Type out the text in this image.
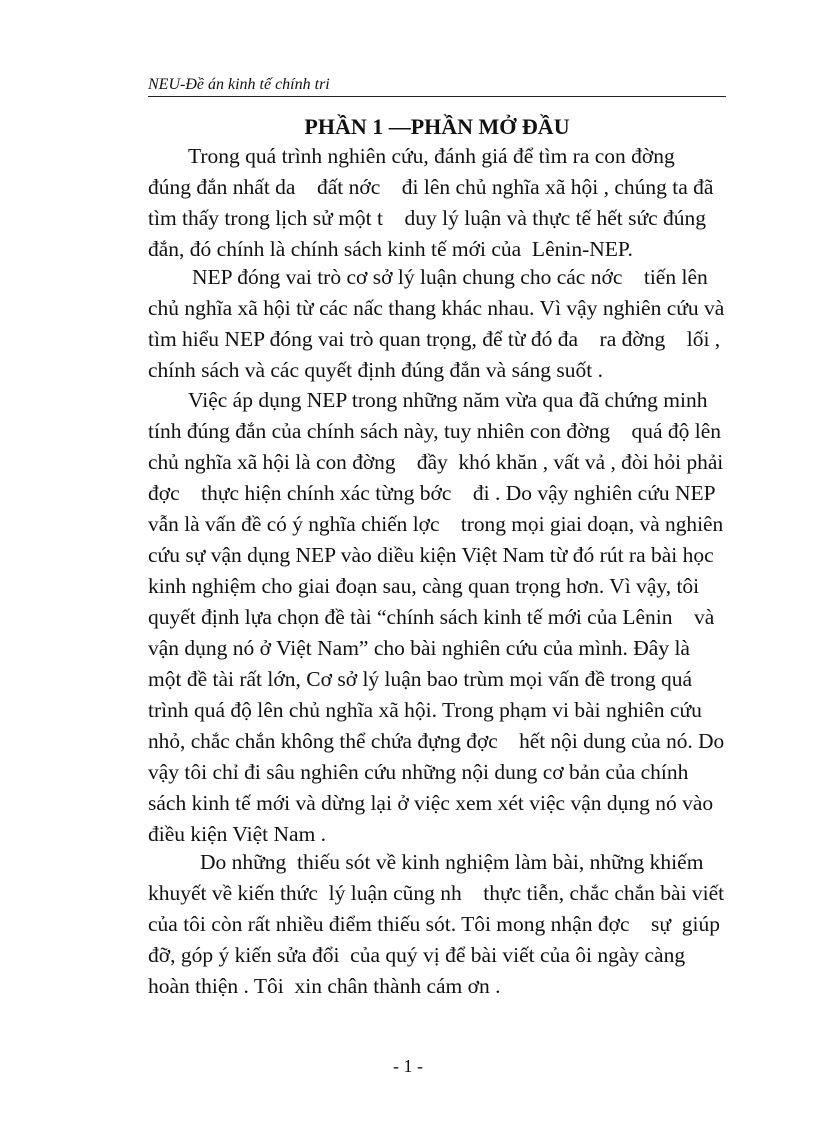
NEU-Đề án kinh tế chính tri
PHẦN 1 —PHẦN MỞ ĐẦU
Trong quá trình nghiên cứu, đánh giá để tìm ra con đờng
đúng đắn nhất da    đất nớc    đi lên chủ nghĩa xã hội , chúng ta đã
tìm thấy trong lịch sử một t    duy lý luận và thực tế hết sức đúng
đắn, đó chính là chính sách kinh tế mới của  Lênin-NEP.
NEP đóng vai trò cơ sở lý luận chung cho các nớc    tiến lên
chủ nghĩa xã hội từ các nấc thang khác nhau. Vì vậy nghiên cứu và
tìm hiểu NEP đóng vai trò quan trọng, để từ đó đa    ra đờng    lối ,
chính sách và các quyết định đúng đắn và sáng suốt .
Việc áp dụng NEP trong những năm vừa qua đã chứng minh
tính đúng đắn của chính sách này, tuy nhiên con đờng    quá độ lên
chủ nghĩa xã hội là con đờng    đầy  khó khăn , vất vả , đòi hỏi phải
đợc    thực hiện chính xác từng bớc    đi . Do vậy nghiên cứu NEP
vẫn là vấn đề có ý nghĩa chiến lợc    trong mọi giai doạn, và nghiên
cứu sự vận dụng NEP vào diều kiện Việt Nam từ đó rút ra bài học
kinh nghiệm cho giai đoạn sau, càng quan trọng hơn. Vì vậy, tôi
quyết định lựa chọn đề tài “chính sách kinh tế mới của Lênin    và
vận dụng nó ở Việt Nam” cho bài nghiên cứu của mình. Đây là
một đề tài rất lớn, Cơ sở lý luận bao trùm mọi vấn đề trong quá
trình quá độ lên chủ nghĩa xã hội. Trong phạm vi bài nghiên cứu
nhỏ, chắc chắn không thể chứa đựng đợc    hết nội dung của nó. Do
vậy tôi chỉ đi sâu nghiên cứu những nội dung cơ bản của chính
sách kinh tế mới và dừng lại ở việc xem xét việc vận dụng nó vào
điều kiện Việt Nam .
Do những  thiếu sót về kinh nghiệm làm bài, những khiếm
khuyết về kiến thức  lý luận cũng nh    thực tiễn, chắc chắn bài viết
của tôi còn rất nhiều điểm thiếu sót. Tôi mong nhận đợc    sự  giúp
đỡ, góp ý kiến sửa đổi  của quý vị để bài viết của ôi ngày càng
hoàn thiện . Tôi  xin chân thành cám ơn .
- 1 -
